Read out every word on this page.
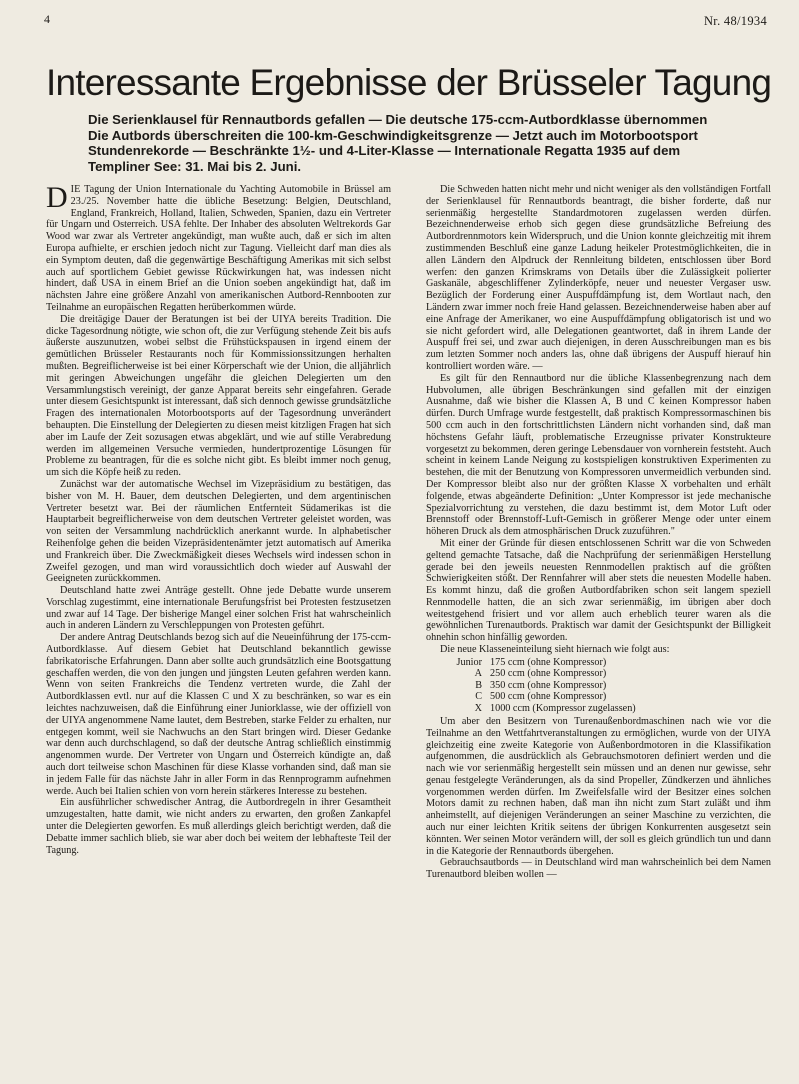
4	Nr. 48/1934
Interessante Ergebnisse der Brüsseler Tagung

Die Serienklausel für Rennautbords gefallen — Die deutsche 175-ccm-Autbordklasse übernommen

Die Autbords überschreiten die 100-km-Geschwindigkeitsgrenze — Jetzt auch im Motorbootsport

Stundenrekorde — Beschränkte 1½- und 4-Liter-Klasse — Internationale Regatta 1935 auf dem

Templiner See: 31. Mai bis 2. Juni.

DIE Tagung der Union Internationale du Yachting Automobile in Brüssel am 23./25. November hatte die übliche Besetzung: Belgien, Deutschland, England, Frankreich, Holland, Italien, Schweden, Spanien, dazu ein Vertreter für Ungarn und Osterreich. USA fehlte. Der Inhaber des absoluten Weltrekords Gar Wood war zwar als Vertreter angekündigt, man wußte auch, daß er sich im alten Europa aufhielte, er erschien jedoch nicht zur Tagung. Vielleicht darf man dies als ein Symptom deuten, daß die gegenwärtige Beschäftigung Amerikas mit sich selbst auch auf sportlichem Gebiet gewisse Rückwirkungen hat, was indessen nicht hindert, daß USA in einem Brief an die Union soeben angekündigt hat, daß im nächsten Jahre eine größere Anzahl von amerikanischen Autbord-Rennbooten zur Teilnahme an europäischen Regatten herüberkommen würde.

Die dreitägige Dauer der Beratungen ist bei der UIYA bereits Tradition. Die dicke Tagesordnung nötigte, wie schon oft, die zur Verfügung stehende Zeit bis aufs äußerste auszunutzen, wobei selbst die Frühstückspausen in irgend einem der gemütlichen Brüsseler Restaurants noch für Kommissionssitzungen herhalten mußten. Begreiflicherweise ist bei einer Körperschaft wie der Union, die alljährlich mit geringen Abweichungen ungefähr die gleichen Delegierten um den Versammlungstisch vereinigt, der ganze Apparat bereits sehr eingefahren. Gerade unter diesem Gesichtspunkt ist interessant, daß sich dennoch gewisse grundsätzliche Fragen des internationalen Motorbootsports auf der Tagesordnung unverändert behaupten. Die Einstellung der Delegierten zu diesen meist kitzligen Fragen hat sich aber im Laufe der Zeit sozusagen etwas abgeklärt, und wie auf stille Verabredung werden im allgemeinen Versuche vermieden, hundertprozentige Lösungen für Probleme zu beantragen, für die es solche nicht gibt. Es bleibt immer noch genug, um sich die Köpfe heiß zu reden.

Zunächst war der automatische Wechsel im Vizepräsidium zu bestätigen, das bisher von M. H. Bauer, dem deutschen Delegierten, und dem argentinischen Vertreter besetzt war. Bei der räumlichen Entfernteit Südamerikas ist die Hauptarbeit begreiflicherweise von dem deutschen Vertreter geleistet worden, was von seiten der Versammlung nachdrücklich anerkannt wurde. In alphabetischer Reihenfolge gehen die beiden Vizepräsidentenämter jetzt automatisch auf Amerika und Frankreich über. Die Zweckmäßigkeit dieses Wechsels wird indessen schon in Zweifel gezogen, und man wird voraussichtlich doch wieder auf Auswahl der Geeigneten zurückkommen.

Deutschland hatte zwei Anträge gestellt. Ohne jede Debatte wurde unserem Vorschlag zugestimmt, eine internationale Berufungsfrist bei Protesten festzusetzen und zwar auf 14 Tage. Der bisherige Mangel einer solchen Frist hat wahrscheinlich auch in anderen Ländern zu Verschleppungen von Protesten geführt.

Der andere Antrag Deutschlands bezog sich auf die Neueinführung der 175-ccm-Autbordklasse. Auf diesem Gebiet hat Deutschland bekanntlich gewisse fabrikatorische Erfahrungen. Dann aber sollte auch grundsätzlich eine Bootsgattung geschaffen werden, die von den jungen und jüngsten Leuten gefahren werden kann. Wenn von seiten Frankreichs die Tendenz vertreten wurde, die Zahl der Autbordklassen evtl. nur auf die Klassen C und X zu beschränken, so war es ein leichtes nachzuweisen, daß die Einführung einer Juniorklasse, wie der offiziell von der UIYA angenommene Name lautet, dem Bestreben, starke Felder zu erhalten, nur entgegen kommt, weil sie Nachwuchs an den Start bringen wird. Dieser Gedanke war denn auch durchschlagend, so daß der deutsche Antrag schließlich einstimmig angenommen wurde. Der Vertreter von Ungarn und Österreich kündigte an, daß auch dort teilweise schon Maschinen für diese Klasse vorhanden sind, daß man sie in jedem Falle für das nächste Jahr in aller Form in das Rennprogramm aufnehmen werde. Auch bei Italien schien von vorn herein stärkeres Interesse zu bestehen.

Ein ausführlicher schwedischer Antrag, die Autbordregeln in ihrer Gesamtheit umzugestalten, hatte damit, wie nicht anders zu erwarten, den großen Zankapfel unter die Delegierten geworfen. Es muß allerdings gleich berichtigt werden, daß die Debatte immer sachlich blieb, sie war aber doch bei weitem der lebhafteste Teil der Tagung.

Die Schweden hatten nicht mehr und nicht weniger als den vollständigen Fortfall der Serienklausel für Rennautbords beantragt, die bisher forderte, daß nur serienmäßig hergestellte Standardmotoren zugelassen werden dürfen. Bezeichnenderweise erhob sich gegen diese grundsätzliche Befreiung des Autbordrennmotors kein Widerspruch, und die Union konnte gleichzeitig mit ihrem zustimmenden Beschluß eine ganze Ladung heikeler Protestmöglichkeiten, die in allen Ländern den Alpdruck der Rennleitung bildeten, entschlossen über Bord werfen: den ganzen Krimskrams von Details über die Zulässigkeit polierter Gaskanäle, abgeschliffener Zylinderköpfe, neuer und neuester Vergaser usw. Bezüglich der Forderung einer Auspuffdämpfung ist, dem Wortlaut nach, den Ländern zwar immer noch freie Hand gelassen. Bezeichnenderweise haben aber auf eine Anfrage der Amerikaner, wo eine Auspuffdämpfung obligatorisch ist und wo sie nicht gefordert wird, alle Delegationen geantwortet, daß in ihrem Lande der Auspuff frei sei, und zwar auch diejenigen, in deren Ausschreibungen man es bis zum letzten Sommer noch anders las, ohne daß übrigens der Auspuff hierauf hin kontrolliert worden wäre. —

Es gilt für den Rennautbord nur die übliche Klassenbegrenzung nach dem Hubvolumen, alle übrigen Beschränkungen sind gefallen mit der einzigen Ausnahme, daß wie bisher die Klassen A, B und C keinen Kompressor haben dürfen. Durch Umfrage wurde festgestellt, daß praktisch Kompressormaschinen bis 500 ccm auch in den fortschrittlichsten Ländern nicht vorhanden sind, daß man höchstens Gefahr läuft, problematische Erzeugnisse privater Konstrukteure vorgesetzt zu bekommen, deren geringe Lebensdauer von vornherein feststeht. Auch scheint in keinem Lande Neigung zu kostspieligen konstruktiven Experimenten zu bestehen, die mit der Benutzung von Kompressoren unvermeidlich verbunden sind. Der Kompressor bleibt also nur der größten Klasse X vorbehalten und erhält folgende, etwas abgeänderte Definition: „Unter Kompressor ist jede mechanische Spezialvorrichtung zu verstehen, die dazu bestimmt ist, dem Motor Luft oder Brennstoff oder Brennstoff-Luft-Gemisch in größerer Menge oder unter einem höheren Druck als dem atmosphärischen Druck zuzuführen."

Mit einer der Gründe für diesen entschlossenen Schritt war die von Schweden geltend gemachte Tatsache, daß die Nachprüfung der serienmäßigen Herstellung gerade bei den jeweils neuesten Rennmodellen praktisch auf die größten Schwierigkeiten stößt. Der Rennfahrer will aber stets die neuesten Modelle haben. Es kommt hinzu, daß die großen Autbordfabriken schon seit langem speziell Rennmodelle hatten, die an sich zwar serienmäßig, im übrigen aber doch weitestgehend frisiert und vor allem auch erheblich teurer waren als die gewöhnlichen Turenautbords. Praktisch war damit der Gesichtspunkt der Billigkeit ohnehin schon hinfällig geworden.

Die neue Klasseneinteilung sieht hiernach wie folgt aus:

Junior 175 ccm (ohne Kompressor)
A 250 ccm (ohne Kompressor)
B 350 ccm (ohne Kompressor)
C 500 ccm (ohne Kompressor)
X 1000 ccm (Kompressor zugelassen)

Um aber den Besitzern von Turenaußenbordmaschinen nach wie vor die Teilnahme an den Wettfahrtveranstaltungen zu ermöglichen, wurde von der UIYA gleichzeitig eine zweite Kategorie von Außenbordmotoren in die Klassifikation aufgenommen, die ausdrücklich als Gebrauchsmotoren definiert werden und die nach wie vor serienmäßig hergestellt sein müssen und an denen nur gewisse, sehr genau festgelegte Veränderungen, als da sind Propeller, Zündkerzen und ähnliches vorgenommen werden dürfen. Im Zweifelsfalle wird der Besitzer eines solchen Motors damit zu rechnen haben, daß man ihn nicht zum Start zuläßt und ihm anheimstellt, auf diejenigen Veränderungen an seiner Maschine zu verzichten, die auch nur einer leichten Kritik seitens der übrigen Konkurrenten ausgesetzt sein könnten. Wer seinen Motor verändern will, der soll es gleich gründlich tun und dann in die Kategorie der Rennautbords übergehen.

Gebrauchsautbords — in Deutschland wird man wahrscheinlich bei dem Namen Turenautbord bleiben wollen —
